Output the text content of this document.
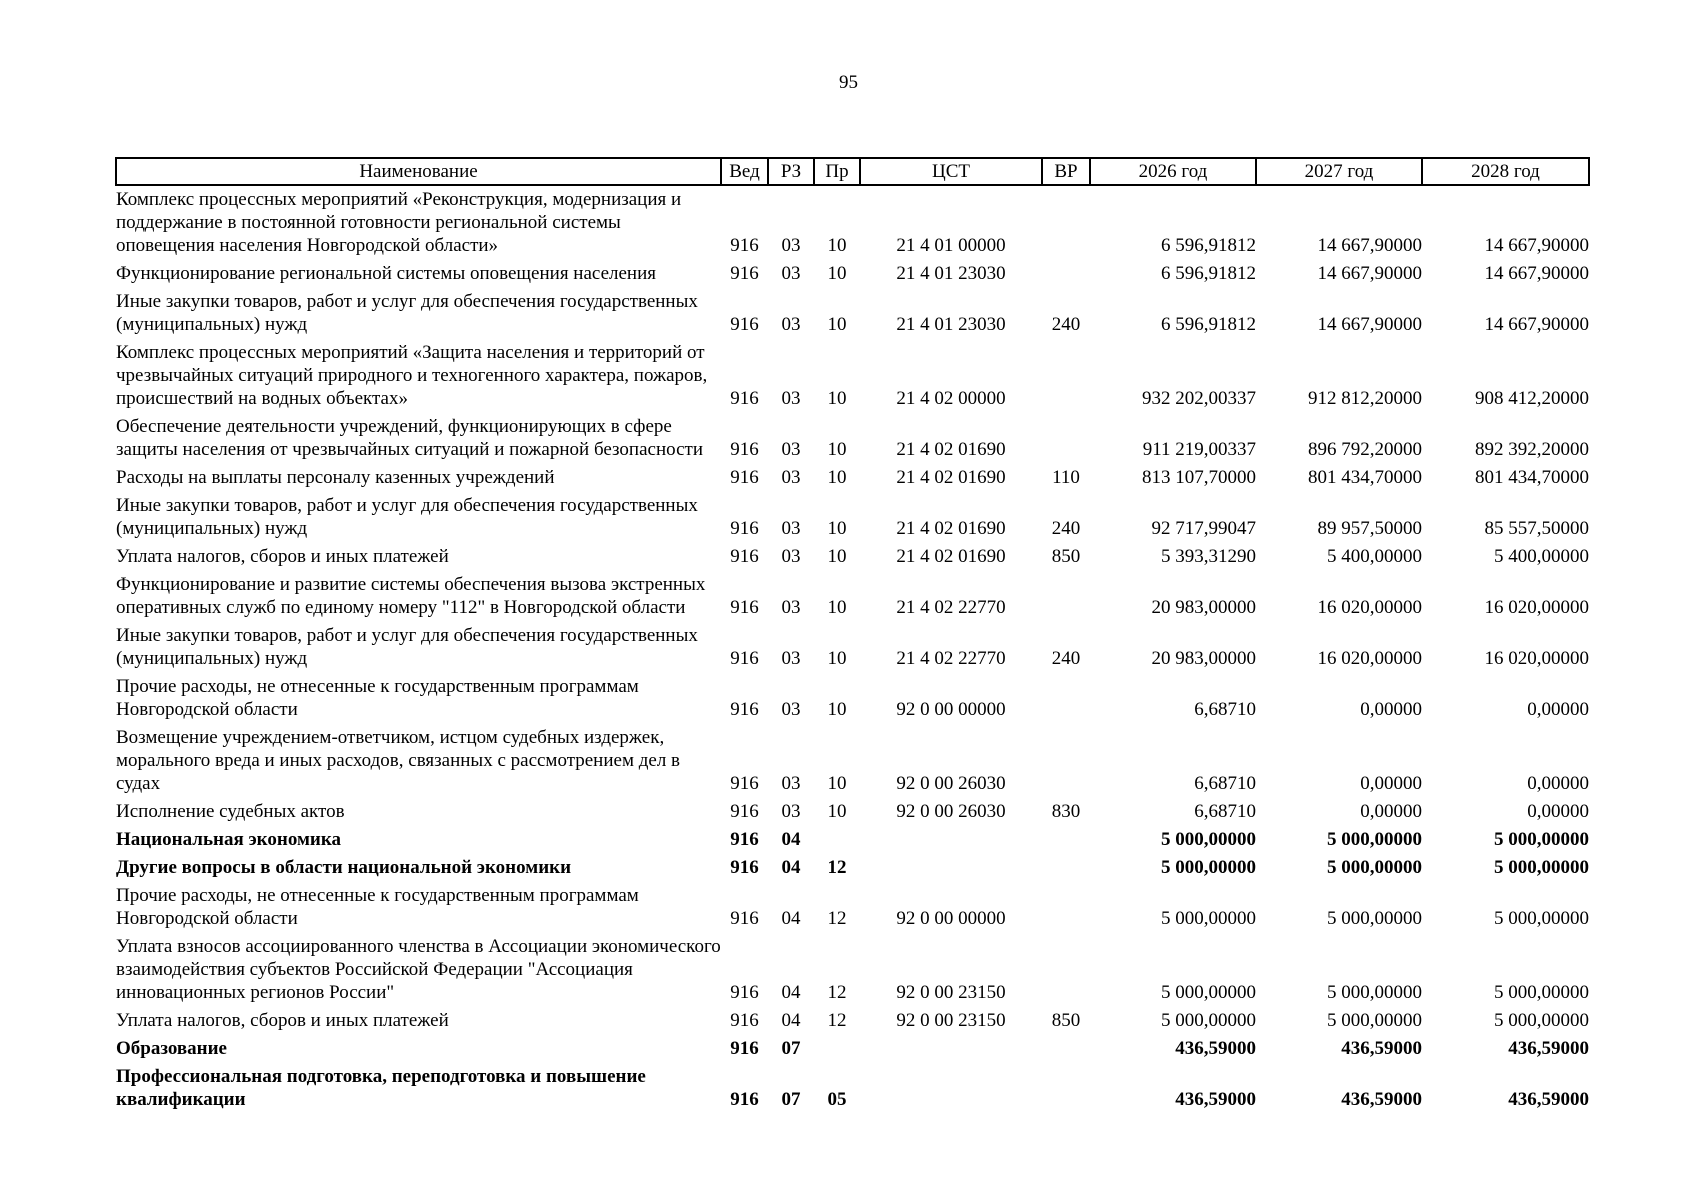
95
Наименование	Вед	РЗ	Пр	ЦСТ	ВР	2026 год	2027 год	2028 год
Комплекс процессных мероприятий «Реконструкция, модернизация и поддержание в постоянной готовности региональной системы оповещения населения Новгородской области»	916	03	10	21 4 01 00000		6 596,91812	14 667,90000	14 667,90000
Функционирование региональной системы оповещения населения	916	03	10	21 4 01 23030		6 596,91812	14 667,90000	14 667,90000
Иные закупки товаров, работ и услуг для обеспечения государственных (муниципальных) нужд	916	03	10	21 4 01 23030	240	6 596,91812	14 667,90000	14 667,90000
Комплекс процессных мероприятий «Защита населения и территорий от чрезвычайных ситуаций природного и техногенного характера, пожаров, происшествий на водных объектах»	916	03	10	21 4 02 00000		932 202,00337	912 812,20000	908 412,20000
Обеспечение деятельности учреждений, функционирующих в сфере защиты населения от чрезвычайных ситуаций и пожарной безопасности	916	03	10	21 4 02 01690		911 219,00337	896 792,20000	892 392,20000
Расходы на выплаты персоналу казенных учреждений	916	03	10	21 4 02 01690	110	813 107,70000	801 434,70000	801 434,70000
Иные закупки товаров, работ и услуг для обеспечения государственных (муниципальных) нужд	916	03	10	21 4 02 01690	240	92 717,99047	89 957,50000	85 557,50000
Уплата налогов, сборов и иных платежей	916	03	10	21 4 02 01690	850	5 393,31290	5 400,00000	5 400,00000
Функционирование и развитие системы обеспечения вызова экстренных оперативных служб по единому номеру "112" в Новгородской области	916	03	10	21 4 02 22770		20 983,00000	16 020,00000	16 020,00000
Иные закупки товаров, работ и услуг для обеспечения государственных (муниципальных) нужд	916	03	10	21 4 02 22770	240	20 983,00000	16 020,00000	16 020,00000
Прочие расходы, не отнесенные к государственным программам Новгородской области	916	03	10	92 0 00 00000		6,68710	0,00000	0,00000
Возмещение учреждением-ответчиком, истцом судебных издержек, морального вреда и иных расходов, связанных с рассмотрением дел в судах	916	03	10	92 0 00 26030		6,68710	0,00000	0,00000
Исполнение судебных актов	916	03	10	92 0 00 26030	830	6,68710	0,00000	0,00000
Национальная экономика	916	04				5 000,00000	5 000,00000	5 000,00000
Другие вопросы в области национальной экономики	916	04	12			5 000,00000	5 000,00000	5 000,00000
Прочие расходы, не отнесенные к государственным программам Новгородской области	916	04	12	92 0 00 00000		5 000,00000	5 000,00000	5 000,00000
Уплата взносов ассоциированного членства в Ассоциации экономического взаимодействия субъектов Российской Федерации "Ассоциация инновационных регионов России"	916	04	12	92 0 00 23150		5 000,00000	5 000,00000	5 000,00000
Уплата налогов, сборов и иных платежей	916	04	12	92 0 00 23150	850	5 000,00000	5 000,00000	5 000,00000
Образование	916	07				436,59000	436,59000	436,59000
Профессиональная подготовка, переподготовка и повышение квалификации	916	07	05			436,59000	436,59000	436,59000
